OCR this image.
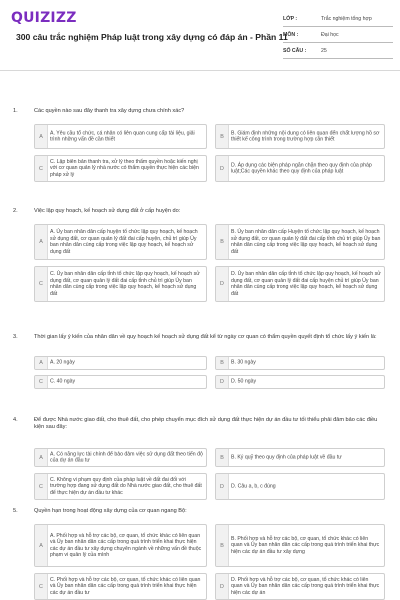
QUIZIZZ
300 câu trắc nghiệm Pháp luật trong xây dựng có đáp án - Phần 11
LỚP :	Trắc nghiệm tổng hợp
MÔN :	Đại học
SỐ CÂU :	25
1.	Các quyền nào sau đây thanh tra xây dựng chưa chính xác?
A
A. Yêu cầu tổ chức, cá nhân có liên quan cung cấp tài liệu, giải trình những vấn đề cần thiết	B
B. Giám định những nội dung có liên quan đến chất lượng hồ sơ thiết kế công trình trong trường hợp cần thiết
C
C. Lập biên bản thanh tra, xử lý theo thẩm quyền hoặc kiến nghị với cơ quan quản lý nhà nước có thẩm quyền thực hiện các biện pháp xử lý
D
D. Áp dụng các biện pháp ngăn chặn theo quy định của pháp luật;Các quyền khác theo quy định của pháp luật
2.	Việc lập quy hoạch, kế hoạch sử dụng đất ở cấp huyện do:
A
A. Ủy ban nhân dân cấp huyện tổ chức lập quy hoạch, kế hoạch sử dụng đất, cơ quan quản lý đất đai cấp huyện, chủ trì giúp Ủy ban nhân dân cùng cấp trong việc lập quy hoạch, kế hoạch sử dụng đất
B
B. Ủy ban nhân dân cấp Huyện tổ chức lập quy hoạch, kế hoạch sử dụng đất, cơ quan quản lý đất đai cấp tỉnh chủ trì giúp Ủy ban nhân dân cùng cấp trong việc lập quy hoạch, kế hoạch sử dụng đất
C
C. Ủy ban nhân dân cấp tỉnh tổ chức lập quy hoạch, kế hoạch sử dụng đất, cơ quan quản lý đất đai cấp tỉnh chủ trì giúp Ủy ban nhân dân cùng cấp trong việc lập quy hoạch, kế hoạch sử dụng đất
D
D. Ủy ban nhân dân cấp tỉnh tổ chức lập quy hoạch, kế hoạch sử dụng đất, cơ quan quản lý đất đai cấp huyện chủ trì giúp Ủy ban nhân dân cùng cấp trong việc lập quy hoạch, kế hoạch sử dụng đất
3.	Thời gian lấy ý kiến của nhân dân về quy hoạch kế hoạch sử dụng đất kể từ ngày cơ quan có thẩm quyền quyết định tổ chức lấy ý kiến là:
A	A. 20 ngày	B	B. 30 ngày
C	C. 40 ngày	D	D. 50 ngày
4.	Để được Nhà nước giao đất, cho thuê đất, cho phép chuyển mục đích sử dụng đất thực hiện dự án đầu tư tối thiểu phải đảm bảo các điều kiện sau đây:
A
A. Có năng lực tài chính để bảo đảm việc sử dụng đất theo tiến độ của dự án đầu tư	B	B. Ký quỹ theo quy định của pháp luật về đầu tư
C
C. Không vi phạm quy định của pháp luật về đất đai đối với trường hợp đang sử dụng đất do Nhà nước giao đất, cho thuê đất để thực hiện dự án đầu tư khác
D	D. Câu a, b, c đúng
5.	Quyền hạn trong hoạt động xây dựng của cơ quan ngang Bộ:
A
A. Phối hợp và hỗ trợ các bộ, cơ quan, tổ chức khác có liên quan và Ủy ban nhân dân các cấp trong quá trình triển khai thực hiện các dự án đầu tư xây dựng chuyên ngành về những vấn đề thuộc phạm vi quản lý của mình
B
B. Phối hợp và hỗ trợ các bộ, cơ quan, tổ chức khác có liên quan và Ủy ban nhân dân các cấp trong quá trình triển khai thực hiện các dự án đầu tư xây dựng
C
C. Phối hợp và hỗ trợ các bộ, cơ quan, tổ chức khác có liên quan và Ủy ban nhân dân các cấp trong quá trình triển khai thực hiện các dự án đầu tư
D
D. Phối hợp và hỗ trợ các bộ, cơ quan, tổ chức khác có liên quan và Ủy ban nhân dân các cấp trong quá trình triển khai thực hiện các dự án
